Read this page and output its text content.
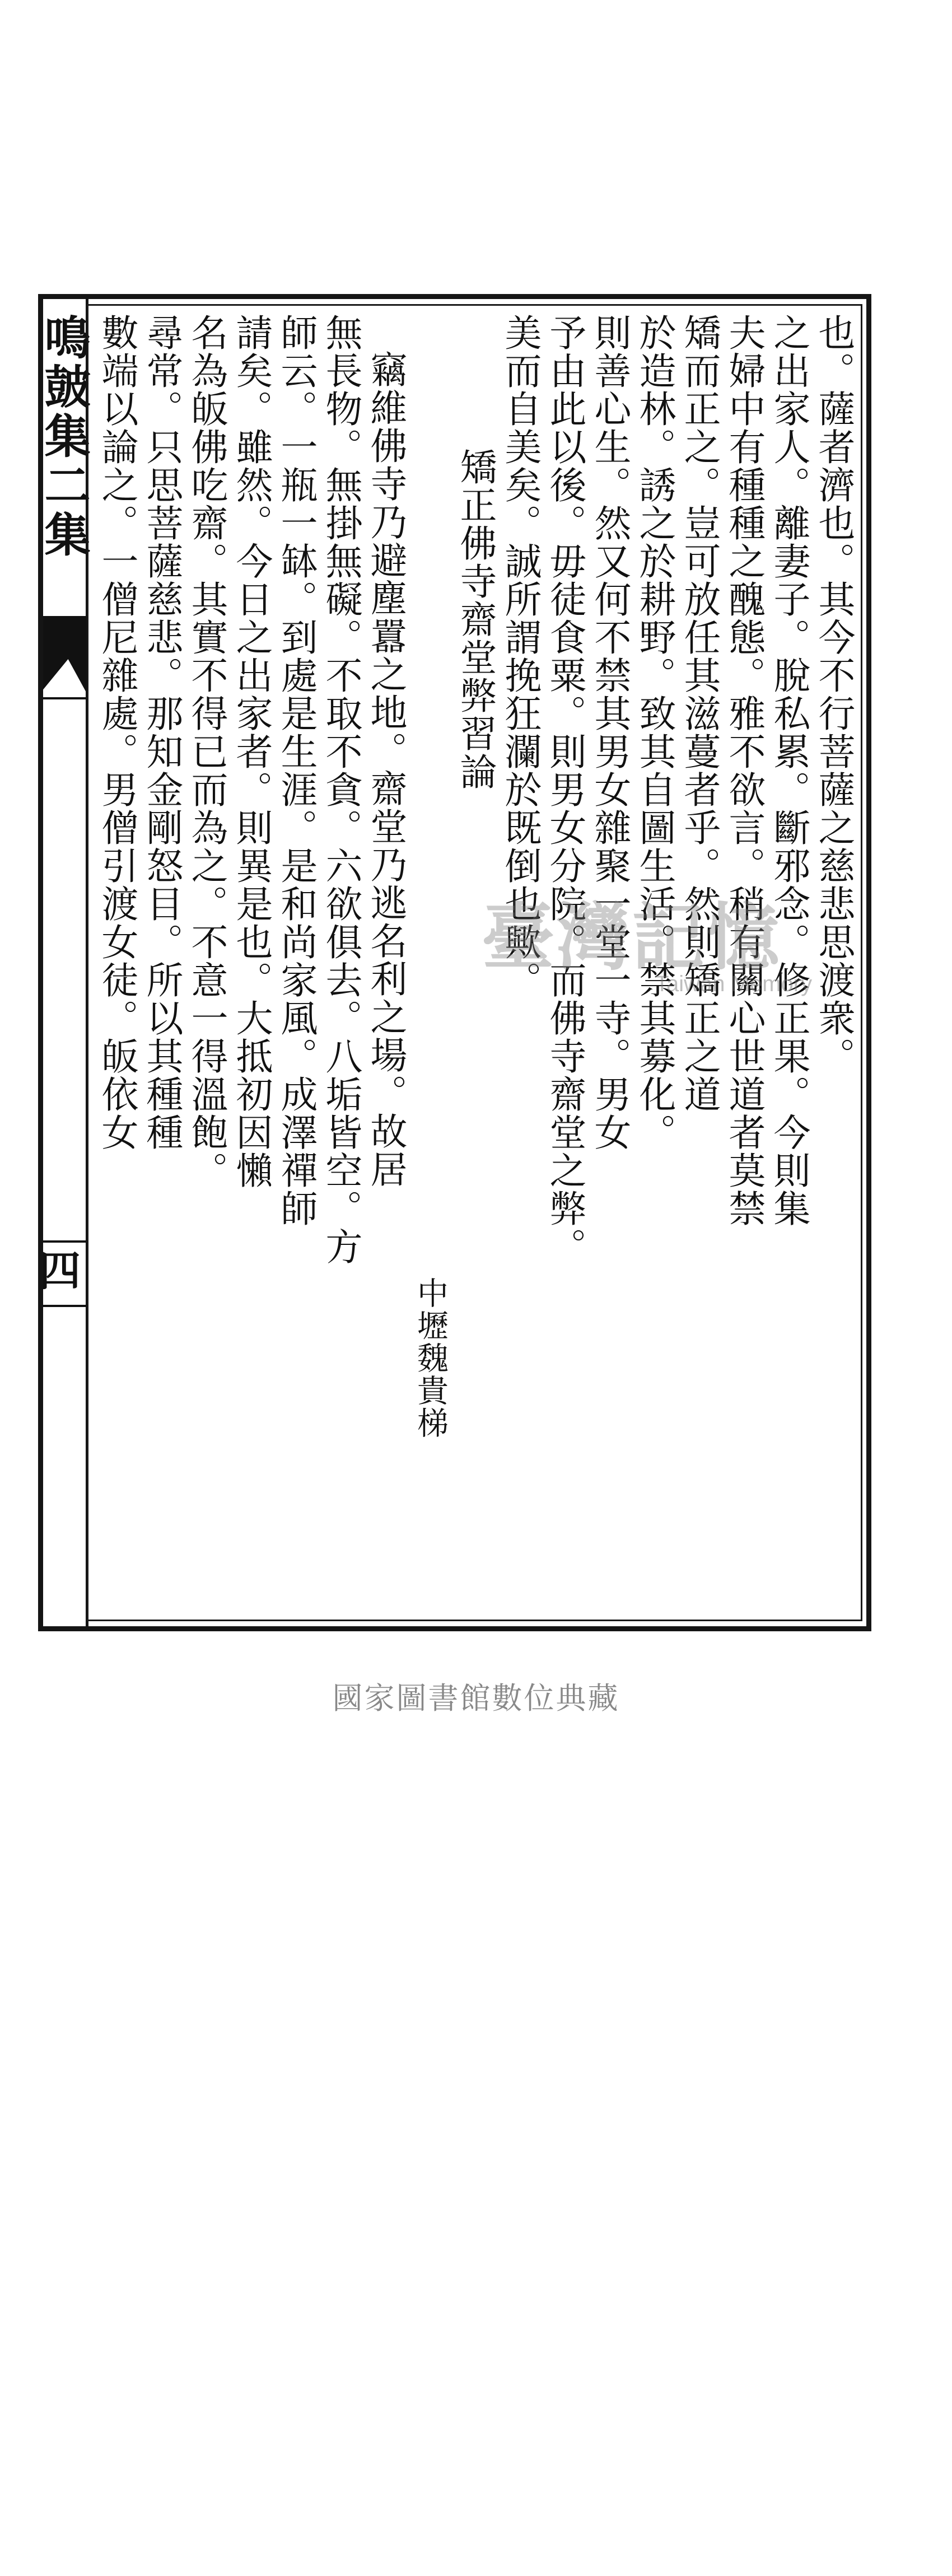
鳴皷集二集
四
也。薩者濟也。其今不行菩薩之慈悲思渡衆。
之出家人。離妻子。脫私累。斷邪念。修正果。今則集
夫婦中有種種之醜態。雅不欲言。稍有關心世道者莫禁
矯而正之。豈可放任其滋蔓者乎。然則矯正之道
於造林。誘之於耕野。致其自圖生活。禁其募化。
則善心生。然又何不禁其男女雜聚一堂一寺。男女
予由此以後。毋徒食粟。則男女分院。而佛寺齋堂之弊。
美而自美矣。誠所謂挽狂瀾於既倒也歟。
矯正佛寺齋堂弊習論
中壢魏貴梯
竊維佛寺乃避塵囂之地。齋堂乃逃名利之場。故居
無長物。無掛無礙。不取不貪。六欲俱去。八垢皆空。方
師云。一瓶一缽。到處是生涯。是和尚家風。成澤禪師
請矣。雖然。今日之出家者。則異是也。大抵初因懶
名為皈佛吃齋。其實不得已而為之。不意一得溫飽。
尋常。只思菩薩慈悲。那知金剛怒目。所以其種種
數端以論之。一僧尼雜處。男僧引渡女徒。皈依女	臺灣記憶
Taiwan Memory
國家圖書館數位典藏
